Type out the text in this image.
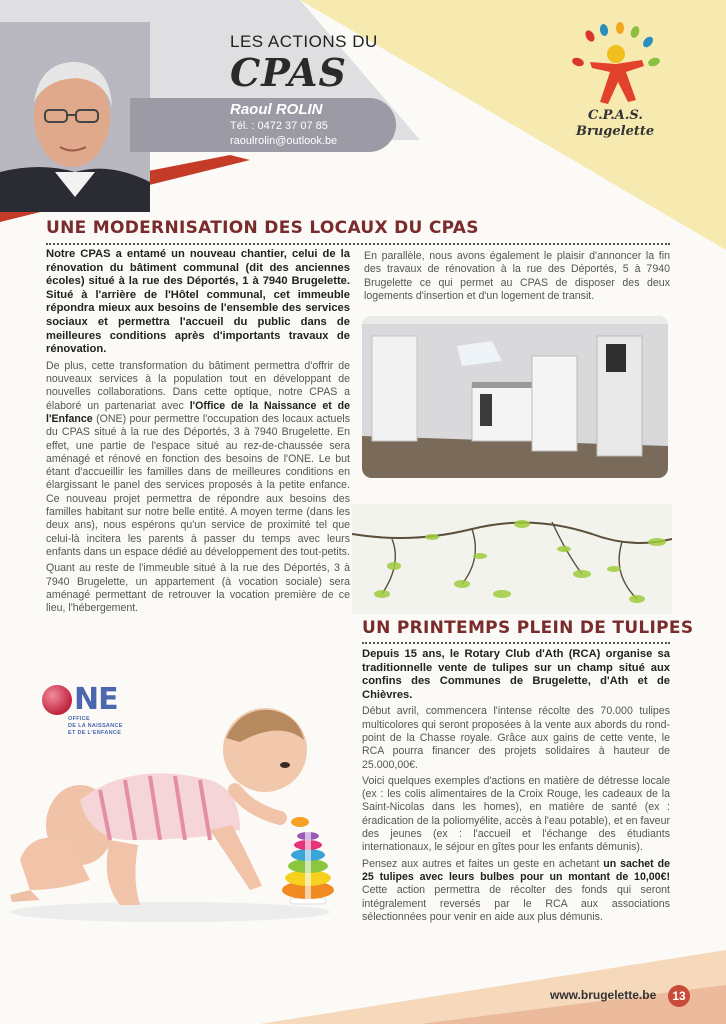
LES ACTIONS DU
CPAS
Raoul ROLIN
Tél. : 0472 37 07 85
raoulrolin@outlook.be
C.P.A.S.
Brugelette
UNE MODERNISATION DES LOCAUX DU CPAS

Notre CPAS a entamé un nouveau chantier, celui de la rénovation du bâtiment communal (dit des anciennes écoles) situé à la rue des Déportés, 1 à 7940 Brugelette. Situé à l'arrière de l'Hôtel communal, cet immeuble répondra mieux aux besoins de l'ensemble des services sociaux et permettra l'accueil du public dans de meilleures conditions après d'importants travaux de rénovation.

De plus, cette transformation du bâtiment permettra d'offrir de nouveaux services à la population tout en développant de nouvelles collaborations. Dans cette optique, notre CPAS a élaboré un partenariat avec l'Office de la Naissance et de l'Enfance (ONE) pour permettre l'occupation des locaux actuels du CPAS situé à la rue des Déportés, 3 à 7940 Brugelette. En effet, une partie de l'espace situé au rez-de-chaussée sera aménagé et rénové en fonction des besoins de l'ONE. Le but étant d'accueillir les familles dans de meilleures conditions en élargissant le panel des services proposés à la petite enfance. Ce nouveau projet permettra de répondre aux besoins des familles habitant sur notre belle entité. A moyen terme (dans les deux ans), nous espérons qu'un service de proximité tel que celui-là incitera les parents à passer du temps avec leurs enfants dans un espace dédié au développement des tout-petits.

Quant au reste de l'immeuble situé à la rue des Déportés, 3 à 7940 Brugelette, un appartement (à vocation sociale) sera aménagé permettant de retrouver la vocation première de ce lieu, l'hébergement.

En parallèle, nous avons également le plaisir d'annoncer la fin des travaux de rénovation à la rue des Déportés, 5 à 7940 Brugelette ce qui permet au CPAS de disposer des deux logements d'insertion et d'un logement de transit.

UN PRINTEMPS PLEIN DE TULIPES

Depuis 15 ans, le Rotary Club d'Ath (RCA) organise sa traditionnelle vente de tulipes sur un champ situé aux confins des Communes de Brugelette, d'Ath et de Chièvres.

Début avril, commencera l'intense récolte des 70.000 tulipes multicolores qui seront proposées à la vente aux abords du rond-point de la Chasse royale. Grâce aux gains de cette vente, le RCA pourra financer des projets solidaires à hauteur de 25.000,00€.

Voici quelques exemples d'actions en matière de détresse locale (ex : les colis alimentaires de la Croix Rouge, les cadeaux de la Saint-Nicolas dans les homes), en matière de santé (ex : éradication de la poliomyélite, accès à l'eau potable), et en faveur des jeunes (ex : l'accueil et l'échange des étudiants internationaux, le séjour en gîtes pour les enfants démunis).

Pensez aux autres et faites un geste en achetant un sachet de 25 tulipes avec leurs bulbes pour un montant de 10,00€! Cette action permettra de récolter des fonds qui seront intégralement reversés par le RCA aux associations sélectionnées pour venir en aide aux plus démunis.

NE
OFFICE
DE LA NAISSANCE
ET DE L'ENFANCE
www.brugelette.be	13
